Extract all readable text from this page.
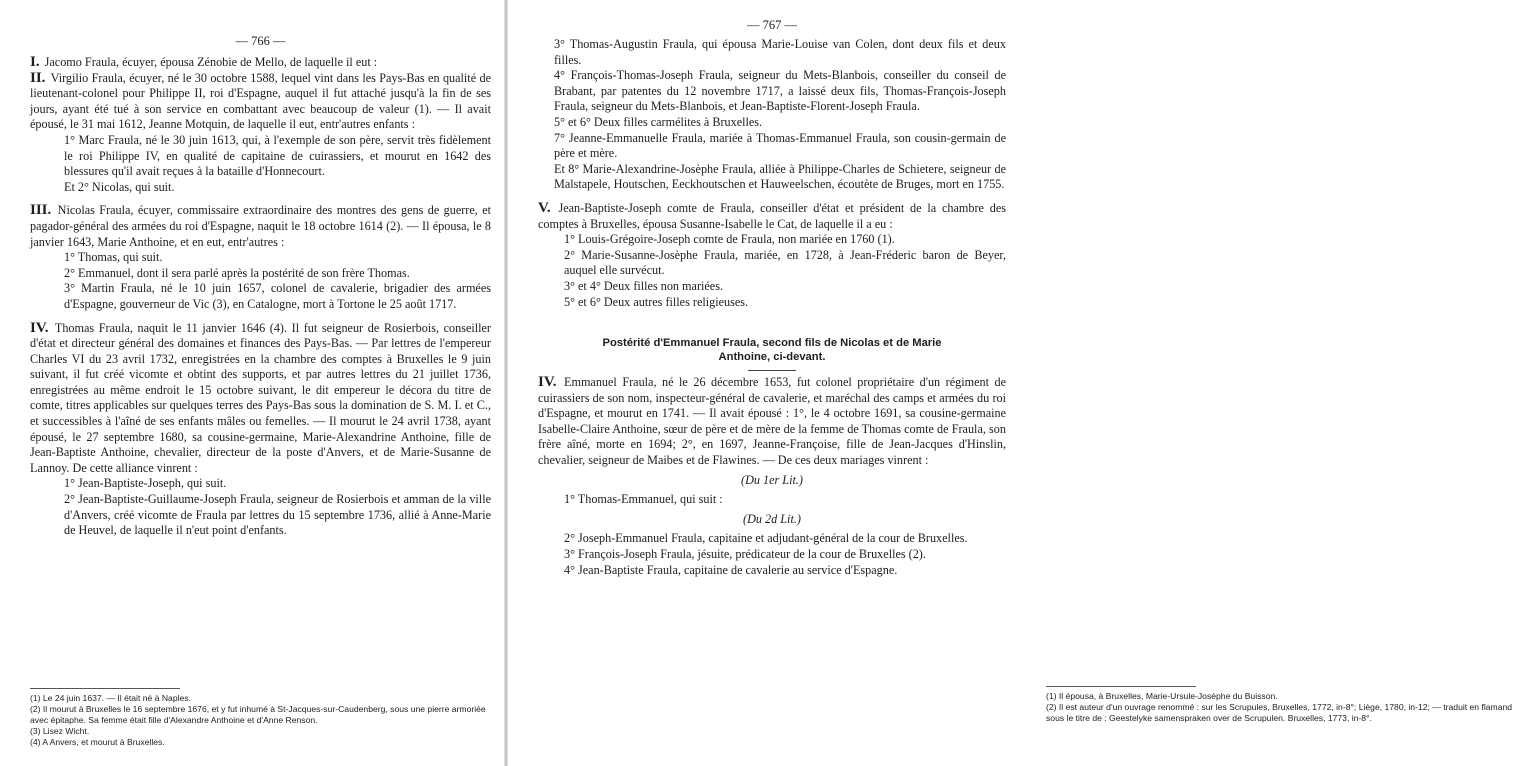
— 766 —

I. Jacomo Fraula, écuyer, épousa Zénobie de Mello, de laquelle il eut :

II. Virgilio Fraula, écuyer, né le 30 octobre 1588, lequel vint dans les Pays-Bas en qualité de lieutenant-colonel pour Philippe II, roi d'Espagne, auquel il fut attaché jusqu'à la fin de ses jours, ayant été tué à son service en combattant avec beaucoup de valeur (1). — Il avait épousé, le 31 mai 1612, Jeanne Motquin, de laquelle il eut, entr'autres enfants :

1° Marc Fraula, né le 30 juin 1613, qui, à l'exemple de son père, servit très fidèlement le roi Philippe IV, en qualité de capitaine de cuirassiers, et mourut en 1642 des blessures qu'il avait reçues à la bataille d'Honnecourt.

Et 2° Nicolas, qui suit.

III. Nicolas Fraula, écuyer, commissaire extraordinaire des montres des gens de guerre, et pagador-général des armées du roi d'Espagne, naquit le 18 octobre 1614 (2). — Il épousa, le 8 janvier 1643, Marie Anthoine, et en eut, entr'autres :

1° Thomas, qui suit.

2° Emmanuel, dont il sera parlé après la postérité de son frère Thomas.

3° Martin Fraula, né le 10 juin 1657, colonel de cavalerie, brigadier des armées d'Espagne, gouverneur de Vic (3), en Catalogne, mort à Tortone le 25 août 1717.

IV. Thomas Fraula, naquit le 11 janvier 1646 (4). Il fut seigneur de Rosierbois, conseiller d'état et directeur général des domaines et finances des Pays-Bas. — Par lettres de l'empereur Charles VI du 23 avril 1732, enregistrées en la chambre des comptes à Bruxelles le 9 juin suivant, il fut créé vicomte et obtint des supports, et par autres lettres du 21 juillet 1736, enregistrées au même endroit le 15 octobre suivant, le dit empereur le décora du titre de comte, titres applicables sur quelques terres des Pays-Bas sous la domination de S. M. I. et C., et successibles à l'aîné de ses enfants mâles ou femelles. — Il mourut le 24 avril 1738, ayant épousé, le 27 septembre 1680, sa cousine-germaine, Marie-Alexandrine Anthoine, fille de Jean-Baptiste Anthoine, chevalier, directeur de la poste d'Anvers, et de Marie-Susanne de Lannoy. De cette alliance vinrent :

1° Jean-Baptiste-Joseph, qui suit.

2° Jean-Baptiste-Guillaume-Joseph Fraula, seigneur de Rosierbois et amman de la ville d'Anvers, créé vicomte de Fraula par lettres du 15 septembre 1736, allié à Anne-Marie de Heuvel, de laquelle il n'eut point d'enfants.

(1) Le 24 juin 1637. — Il était né à Naples.
(2) Il mourut à Bruxelles le 16 septembre 1676, et y fut inhumé à St-Jacques-sur-Caudenberg, sous une pierre armoriée avec épitaphe. Sa femme était fille d'Alexandre Anthoine et d'Anne Renson.
(3) Lisez Wicht.
(4) A Anvers, et mourut à Bruxelles.
— 767 —

3° Thomas-Augustin Fraula, qui épousa Marie-Louise van Colen, dont deux fils et deux filles.

4° François-Thomas-Joseph Fraula, seigneur du Mets-Blanbois, conseiller du conseil de Brabant, par patentes du 12 novembre 1717, a laissé deux fils, Thomas-François-Joseph Fraula, seigneur du Mets-Blanbois, et Jean-Baptiste-Florent-Joseph Fraula.

5° et 6° Deux filles carmélites à Bruxelles.

7° Jeanne-Emmanuelle Fraula, mariée à Thomas-Emmanuel Fraula, son cousin-germain de père et mère.

Et 8° Marie-Alexandrine-Josèphe Fraula, alliée à Philippe-Charles de Schietere, seigneur de Malstapele, Houtschen, Eeckhoutschen et Hauweelschen, écoutète de Bruges, mort en 1755.

V. Jean-Baptiste-Joseph comte de Fraula, conseiller d'état et président de la chambre des comptes à Bruxelles, épousa Susanne-Isabelle le Cat, de laquelle il a eu :

1° Louis-Grégoire-Joseph comte de Fraula, non mariée en 1760 (1).

2° Marie-Susanne-Josèphe Fraula, mariée, en 1728, à Jean-Fréderic baron de Beyer, auquel elle survécut.

3° et 4° Deux filles non mariées.

5° et 6° Deux autres filles religieuses.

Postérité d'Emmanuel Fraula, second fils de Nicolas et de Marie
Anthoine, ci-devant.

IV. Emmanuel Fraula, né le 26 décembre 1653, fut colonel propriétaire d'un régiment de cuirassiers de son nom, inspecteur-général de cavalerie, et maréchal des camps et armées du roi d'Espagne, et mourut en 1741. — Il avait épousé : 1°, le 4 octobre 1691, sa cousine-germaine Isabelle-Claire Anthoine, sœur de père et de mère de la femme de Thomas comte de Fraula, son frère aîné, morte en 1694; 2°, en 1697, Jeanne-Françoise, fille de Jean-Jacques d'Hinslin, chevalier, seigneur de Maibes et de Flawines. — De ces deux mariages vinrent :

(Du 1er Lit.)

1° Thomas-Emmanuel, qui suit :

(Du 2d Lit.)

2° Joseph-Emmanuel Fraula, capitaine et adjudant-général de la cour de Bruxelles.

3° François-Joseph Fraula, jésuite, prédicateur de la cour de Bruxelles (2).

4° Jean-Baptiste Fraula, capitaine de cavalerie au service d'Espagne.

(1) Il épousa, à Bruxelles, Marie-Ursule-Josèphe du Buisson.
(2) Il est auteur d'un ouvrage renommé : sur les Scrupules, Bruxelles, 1772, in-8°; Liège, 1780, in-12; — traduit en flamand sous le titre de : Geestelyke samenspraken over de Scrupulen. Bruxelles, 1773, in-8°.
